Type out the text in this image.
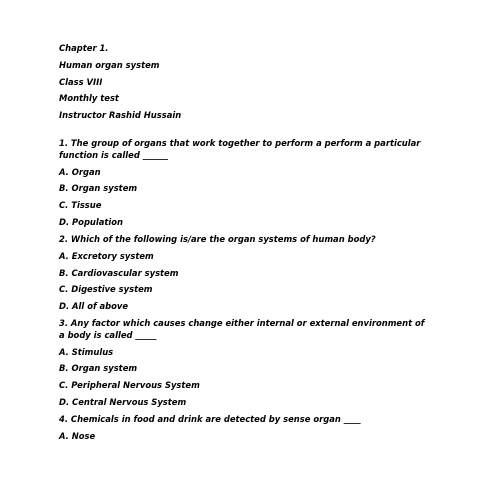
Chapter 1.

Human organ system

Class VIII

Monthly test

Instructor Rashid Hussain

1. The group of organs that work together to perform a perform a particular function is called ______

A. Organ

B. Organ system

C. Tissue

D. Population

2. Which of the following is/are the organ systems of human body?

A. Excretory system

B. Cardiovascular system

C. Digestive system

D. All of above

3. Any factor which causes change either internal or external environment of a body is called _____

A. Stimulus

B. Organ system

C. Peripheral Nervous System

D. Central Nervous System

4. Chemicals in food and drink are detected by sense organ ____

A. Nose
